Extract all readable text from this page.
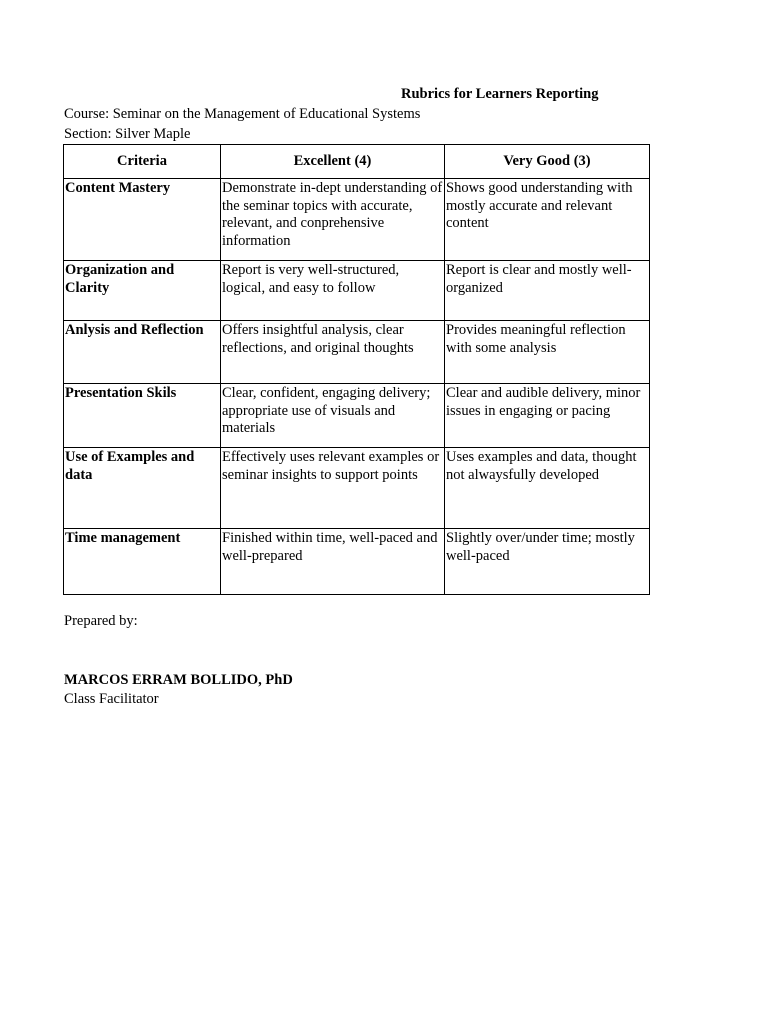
Rubrics for Learners Reporting
Course: Seminar on the Management of Educational Systems
Section: Silver Maple
Criteria	Excellent (4)	Very Good (3)
Content Mastery	Demonstrate in-dept understanding of the seminar topics with accurate, relevant, and conprehensive information	Shows good understanding with mostly accurate and relevant content
Organization and Clarity	Report is very well-structured, logical, and easy to follow	Report is clear and mostly well-organized
Anlysis and Reflection	Offers insightful analysis, clear reflections, and original thoughts	Provides meaningful reflection with some analysis
Presentation Skils	Clear, confident, engaging delivery; appropriate use of visuals and materials	Clear and audible delivery, minor issues in engaging or pacing
Use of Examples and data	Effectively uses relevant examples or seminar insights to support points	Uses examples and data, thought not alwaysfully developed
Time management	Finished within time, well-paced and well-prepared	Slightly over/under time; mostly well-paced
Prepared by:
MARCOS ERRAM BOLLIDO, PhD
Class Facilitator
